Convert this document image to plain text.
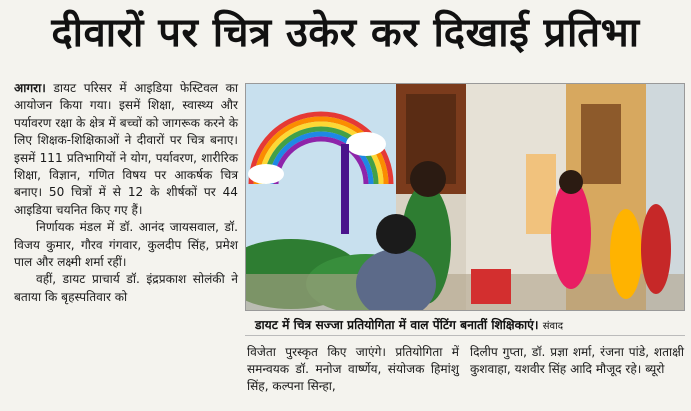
दीवारों पर चित्र उकेर कर दिखाई प्रतिभा

आगरा। डायट परिसर में आइडिया फेस्टिवल का आयोजन किया गया। इसमें शिक्षा, स्वास्थ्य और पर्यावरण रक्षा के क्षेत्र में बच्चों को जागरूक करने के लिए शिक्षक-शिक्षिकाओं ने दीवारों पर चित्र बनाए। इसमें 111 प्रतिभागियों ने योग, पर्यावरण, शारीरिक शिक्षा, विज्ञान, गणित विषय पर आकर्षक चित्र बनाए। 50 चित्रों में से 12 के शीर्षकों पर 44 आइडिया चयनित किए गए हैं।

निर्णायक मंडल में डॉ. आनंद जायसवाल, डॉ. विजय कुमार, गौरव गंगवार, कुलदीप सिंह, प्रमेश पाल और लक्ष्मी शर्मा रहीं।

वहीं, डायट प्राचार्य डॉ. इंद्रप्रकाश सोलंकी ने बताया कि बृहस्पतिवार को

डायट में चित्र सज्जा प्रतियोगिता में वाल पेंटिंग बनातीं शिक्षिकाएं। संवाद

विजेता पुरस्कृत किए जाएंगे। प्रतियोगिता में समन्वयक डॉ. मनोज वार्ष्णेय, संयोजक हिमांशु सिंह, कल्पना सिन्हा,

दिलीप गुप्ता, डॉ. प्रज्ञा शर्मा, रंजना पांडे, शताक्षी कुशवाहा, यशवीर सिंह आदि मौजूद रहे। ब्यूरो
